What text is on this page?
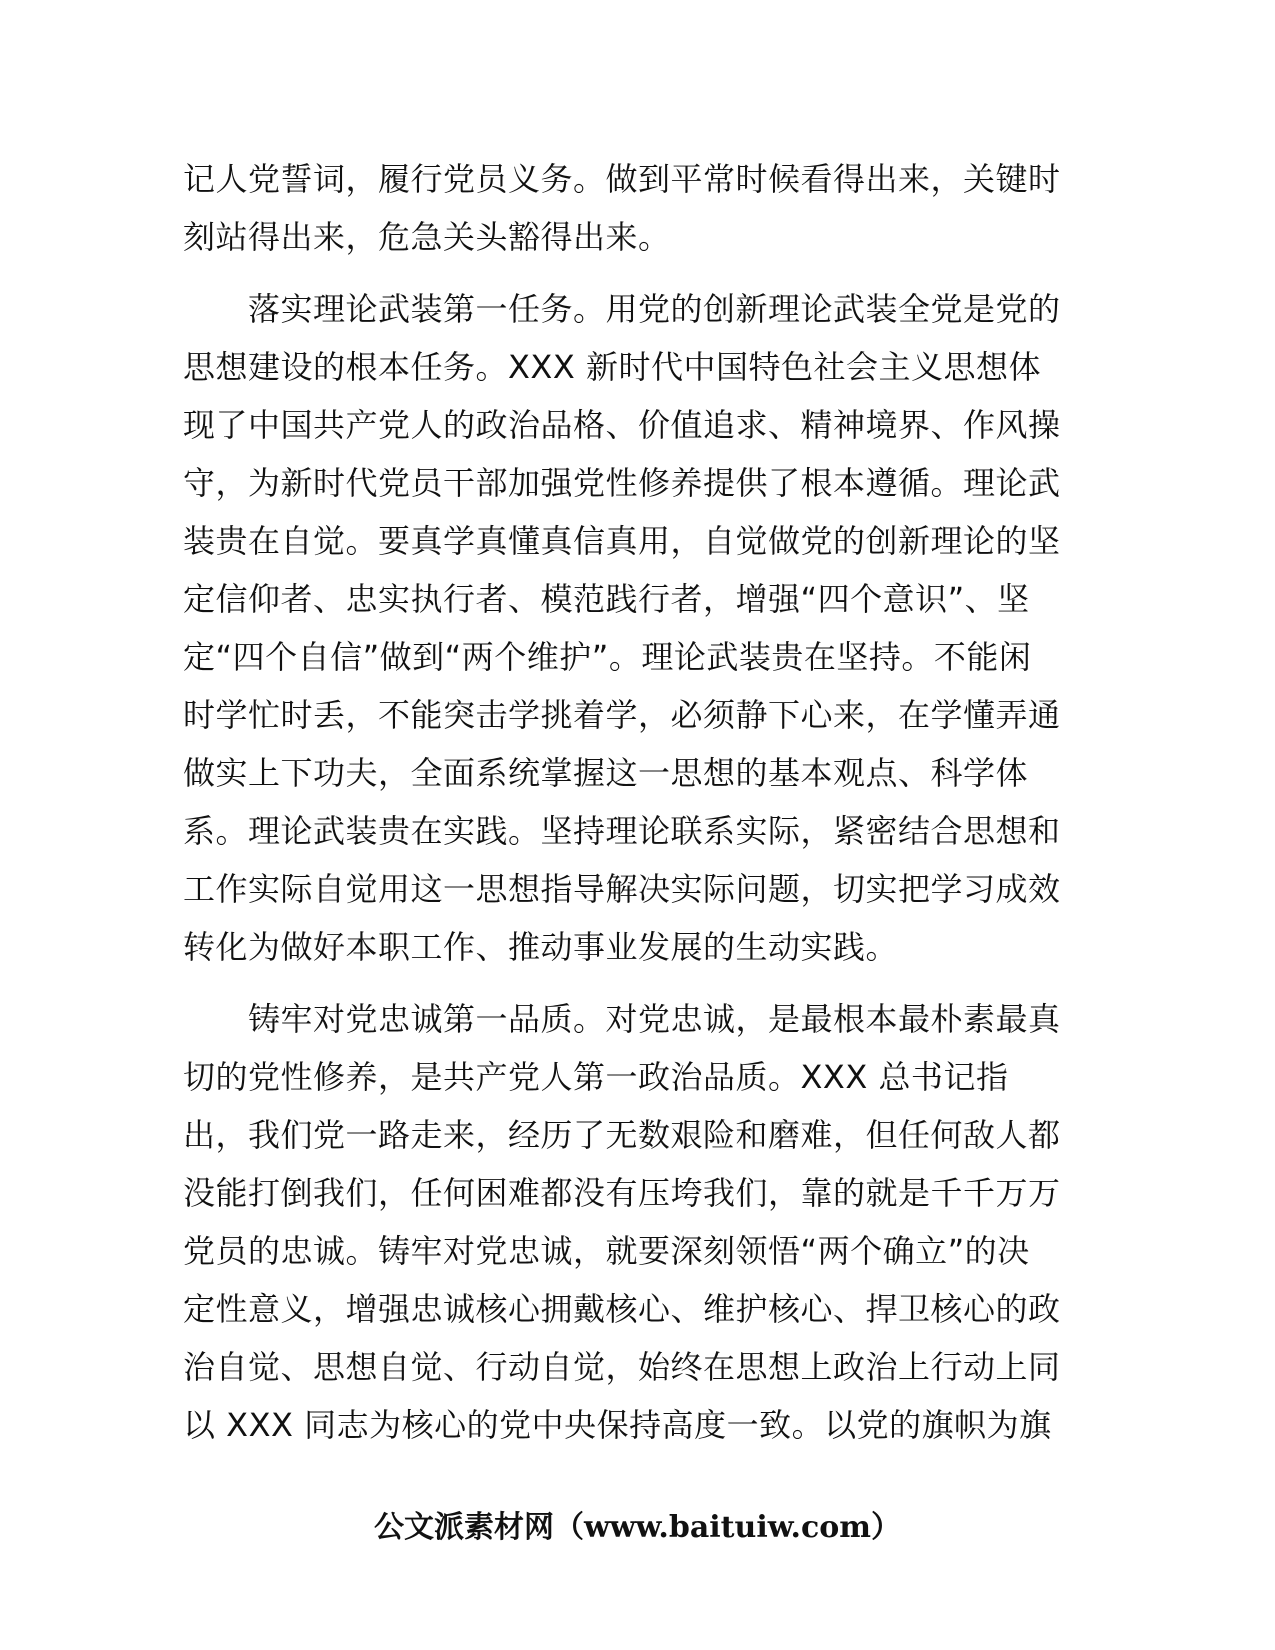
记人党誓词，履行党员义务。做到平常时候看得出来，关键时
刻站得出来，危急关头豁得出来。
　　落实理论武装第一任务。用党的创新理论武装全党是党的
思想建设的根本任务。XXX 新时代中国特色社会主义思想体
现了中国共产党人的政治品格、价值追求、精神境界、作风操
守，为新时代党员干部加强党性修养提供了根本遵循。理论武
装贵在自觉。要真学真懂真信真用，自觉做党的创新理论的坚
定信仰者、忠实执行者、模范践行者，增强“四个意识”、坚
定“四个自信”做到“两个维护”。理论武装贵在坚持。不能闲
时学忙时丢，不能突击学挑着学，必须静下心来，在学懂弄通
做实上下功夫，全面系统掌握这一思想的基本观点、科学体
系。理论武装贵在实践。坚持理论联系实际，紧密结合思想和
工作实际自觉用这一思想指导解决实际问题，切实把学习成效
转化为做好本职工作、推动事业发展的生动实践。
　　铸牢对党忠诚第一品质。对党忠诚，是最根本最朴素最真
切的党性修养，是共产党人第一政治品质。XXX 总书记指
出，我们党一路走来，经历了无数艰险和磨难，但任何敌人都
没能打倒我们，任何困难都没有压垮我们，靠的就是千千万万
党员的忠诚。铸牢对党忠诚，就要深刻领悟“两个确立”的决
定性意义，增强忠诚核心拥戴核心、维护核心、捍卫核心的政
治自觉、思想自觉、行动自觉，始终在思想上政治上行动上同
以 XXX 同志为核心的党中央保持高度一致。以党的旗帜为旗
公文派素材网（www.baituiw.com）
